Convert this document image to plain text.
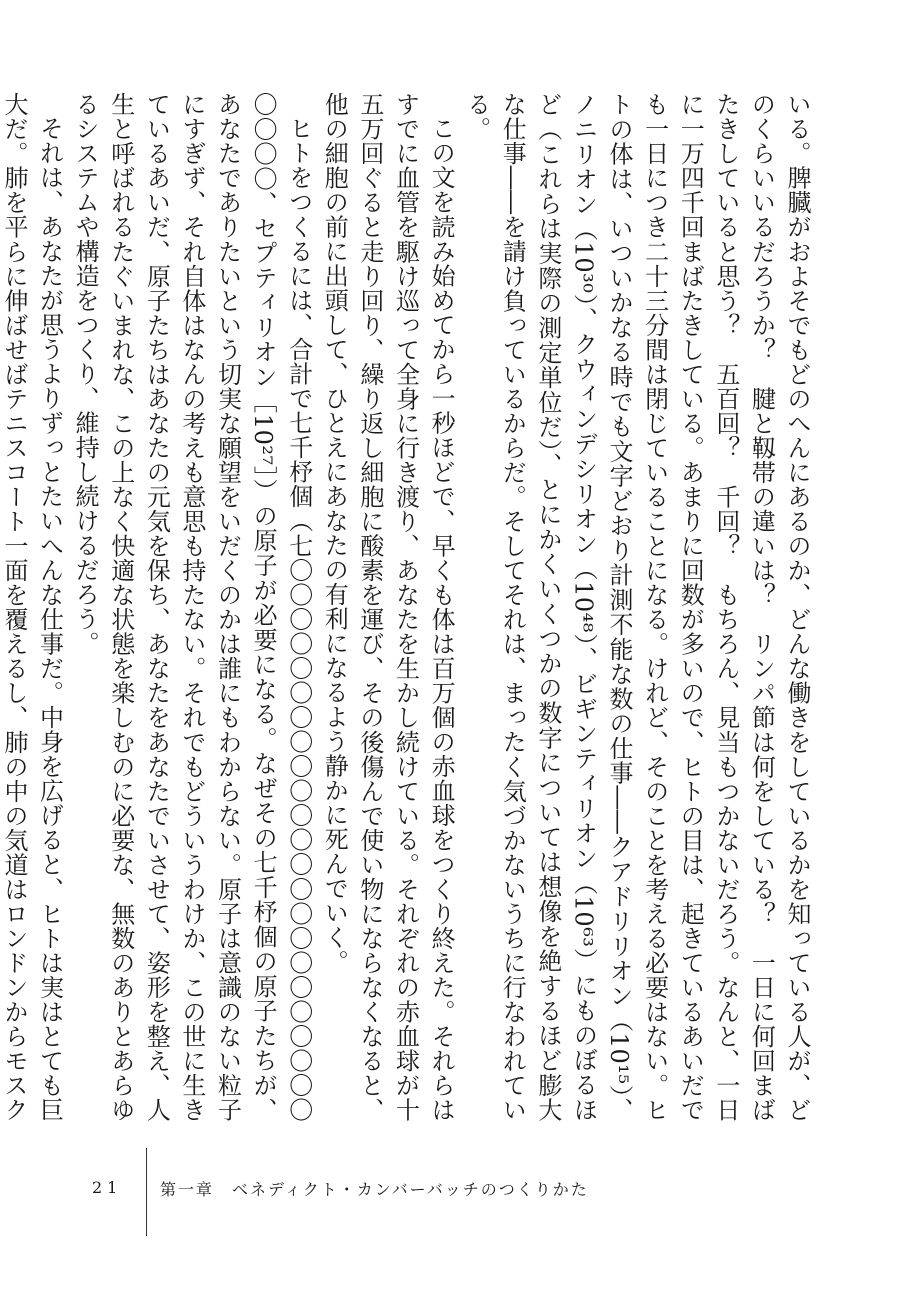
いる。脾臓がおよそでもどのへんにあるのか、どんな働きをしているかを知っている人が、どのくらいいるだろうか？　腱と靱帯の違いは？　リンパ節は何をしている？　一日に何回まばたきしていると思う？　五百回？　千回？　もちろん、見当もつかないだろう。なんと、一日に一万四千回まばたきしている。あまりに回数が多いので、ヒトの目は、起きているあいだでも一日につき二十三分間は閉じていることになる。けれど、そのことを考える必要はない。ヒトの体は、いついかなる時でも文字どおり計測不能な数の仕事――クアドリリオン（10¹⁵）、ノニリオン（10³⁰）、クウィンデシリオン（10⁴⁸）、ビギンティリオン（10⁶³）にものぼるほど（これらは実際の測定単位だ）、とにかくいくつかの数字については想像を絶するほど膨大な仕事――を請け負っているからだ。そしてそれは、まったく気づかないうちに行なわれている。

この文を読み始めてから一秒ほどで、早くも体は百万個の赤血球をつくり終えた。それらはすでに血管を駆け巡って全身に行き渡り、あなたを生かし続けている。それぞれの赤血球が十五万回ぐると走り回り、繰り返し細胞に酸素を運び、その後傷んで使い物にならなくなると、他の細胞の前に出頭して、ひとえにあなたの有利になるよう静かに死んでいく。

ヒトをつくるには、合計で七千杼個（七〇〇〇〇〇〇〇〇〇〇〇〇〇〇〇〇〇〇〇〇〇〇〇〇〇〇〇、セプティリオン［10²⁷］）の原子が必要になる。なぜその七千杼個の原子たちが、あなたでありたいという切実な願望をいだくのかは誰にもわからない。原子は意識のない粒子にすぎず、それ自体はなんの考えも意思も持たない。それでもどういうわけか、この世に生きているあいだ、原子たちはあなたの元気を保ち、あなたをあなたでいさせて、姿形を整え、人生と呼ばれるたぐいまれな、この上なく快適な状態を楽しむのに必要な、無数のありとあらゆるシステムや構造をつくり、維持し続けるだろう。

それは、あなたが思うよりずっとたいへんな仕事だ。中身を広げると、ヒトは実はとても巨大だ。肺を平らに伸ばせばテニスコート一面を覆えるし、肺の中の気道はロンドンからモスク

21 第一章　ベネディクト・カンバーバッチのつくりかた
